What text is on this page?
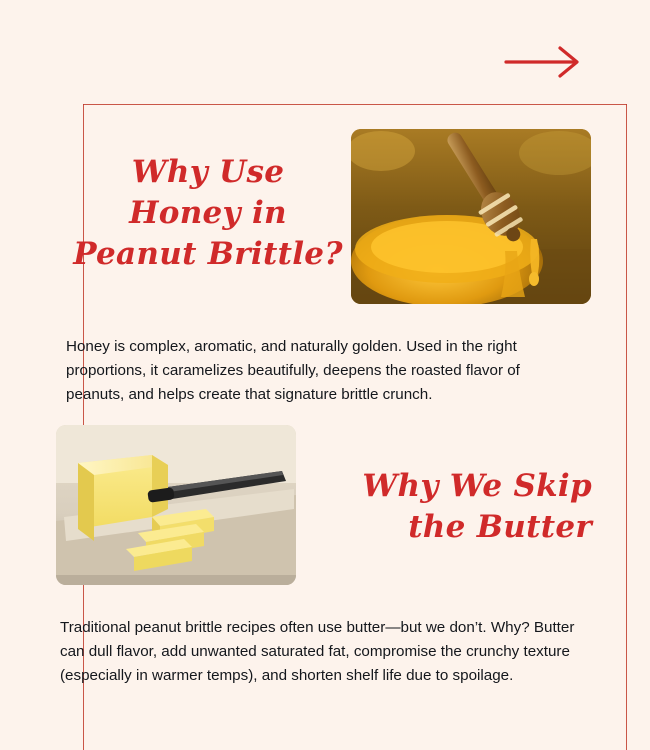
Why Use
Honey in
Peanut Brittle?

Honey is complex, aromatic, and naturally golden. Used in the right proportions, it caramelizes beautifully, deepens the roasted flavor of peanuts, and helps create that signature brittle crunch.

Why We Skip
the Butter

Traditional peanut brittle recipes often use butter—but we don’t. Why? Butter can dull flavor, add unwanted saturated fat, compromise the crunchy texture (especially in warmer temps), and shorten shelf life due to spoilage.
